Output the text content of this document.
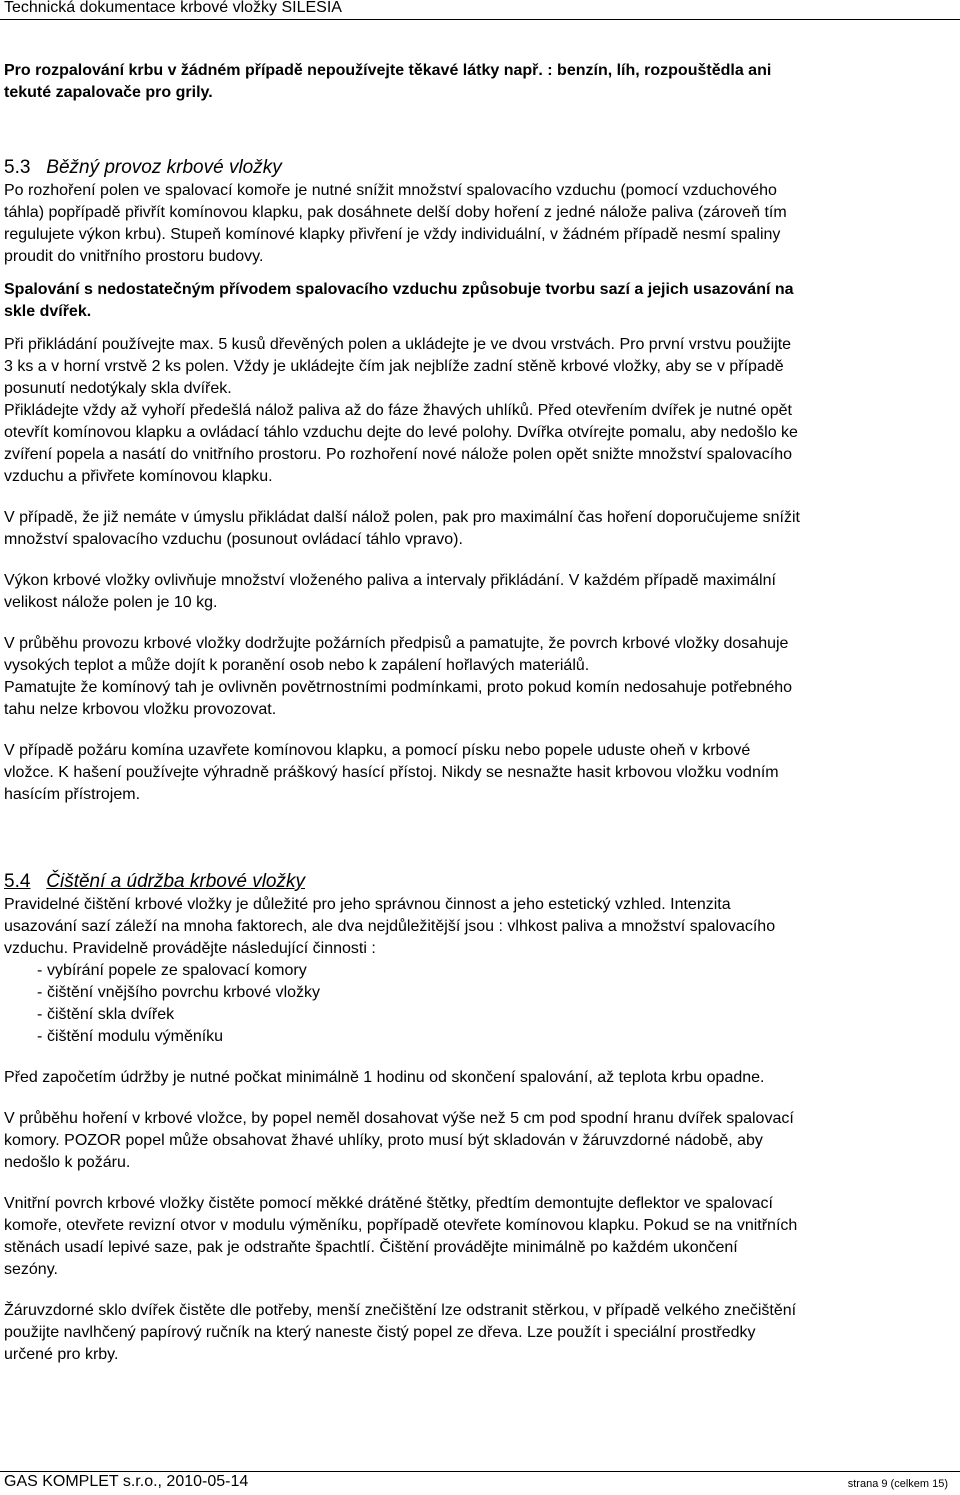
Technická dokumentace krbové vložky SILESIA

Pro rozpalování krbu v žádném případě nepoužívejte těkavé látky např. : benzín, líh, rozpouštědla ani
tekuté zapalovače pro grily.

5.3 Běžný provoz krbové vložky

Po rozhoření polen ve spalovací komoře je nutné snížit množství spalovacího vzduchu (pomocí vzduchového
táhla) popřípadě přivřít komínovou klapku, pak dosáhnete delší doby hoření z jedné nálože paliva (zároveň tím
regulujete výkon krbu). Stupeň komínové klapky přivření je vždy individuální, v žádném případě nesmí spaliny
proudit do vnitřního prostoru budovy.

Spalování s nedostatečným přívodem spalovacího vzduchu způsobuje tvorbu sazí a jejich usazování na
skle dvířek.

Při přikládání používejte max. 5 kusů dřevěných polen a ukládejte je ve dvou vrstvách. Pro první vrstvu použijte
3 ks a v horní vrstvě 2 ks polen. Vždy je ukládejte čím jak nejblíže zadní stěně krbové vložky, aby se v případě
posunutí nedotýkaly skla dvířek.
Přikládejte vždy až vyhoří předešlá nálož paliva až do fáze žhavých uhlíků. Před otevřením dvířek je nutné opět
otevřít komínovou klapku a ovládací táhlo vzduchu dejte do levé polohy. Dvířka otvírejte pomalu, aby nedošlo ke
zvíření popela a nasátí do vnitřního prostoru. Po rozhoření nové nálože polen opět snižte množství spalovacího
vzduchu a přivřete komínovou klapku.

V případě, že již nemáte v úmyslu přikládat další nálož polen, pak pro maximální čas hoření doporučujeme snížit
množství spalovacího vzduchu (posunout ovládací táhlo vpravo).

Výkon krbové vložky ovlivňuje množství vloženého paliva a intervaly přikládání. V každém případě maximální
velikost nálože polen je 10 kg.

V průběhu provozu krbové vložky dodržujte požárních předpisů a pamatujte, že povrch krbové vložky dosahuje
vysokých teplot a může dojít k poranění osob nebo k zapálení hořlavých materiálů.
Pamatujte že komínový tah je ovlivněn povětrnostními podmínkami, proto pokud komín nedosahuje potřebného
tahu nelze krbovou vložku provozovat.

V případě požáru komína uzavřete komínovou klapku, a pomocí písku nebo popele uduste oheň v krbové
vložce. K hašení používejte výhradně práškový hasící přístoj. Nikdy se nesnažte hasit krbovou vložku vodním
hasícím přístrojem.

5.4 Čištění a údržba krbové vložky

Pravidelné čištění krbové vložky je důležité pro jeho správnou činnost a jeho estetický vzhled. Intenzita
usazování sazí záleží na mnoha faktorech, ale dva nejdůležitější jsou : vlhkost paliva a množství spalovacího
vzduchu. Pravidelně provádějte následující činnosti :

- vybírání popele ze spalovací komory
- čištění vnějšího povrchu krbové vložky
- čištění skla dvířek
- čištění modulu výměníku

Před započetím údržby je nutné počkat minimálně 1 hodinu od skončení spalování, až teplota krbu opadne.

V průběhu hoření v krbové vložce, by popel neměl dosahovat výše než 5 cm pod spodní hranu dvířek spalovací
komory. POZOR popel může obsahovat žhavé uhlíky, proto musí být skladován v žáruvzdorné nádobě, aby
nedošlo k požáru.

Vnitřní povrch krbové vložky čistěte pomocí měkké drátěné štětky, předtím demontujte deflektor ve spalovací
komoře, otevřete revizní otvor v modulu výměníku, popřípadě otevřete komínovou klapku. Pokud se na vnitřních
stěnách usadí lepivé saze, pak je odstraňte špachtlí. Čištění provádějte minimálně po každém ukončení
sezóny.

Žáruvzdorné sklo dvířek čistěte dle potřeby, menší znečištění lze odstranit stěrkou, v případě velkého znečištění
použijte navlhčený papírový ručník na který naneste čistý popel ze dřeva. Lze použít i speciální prostředky
určené pro krby.

GAS KOMPLET s.r.o., 2010-05-14	strana 9 (celkem 15)
